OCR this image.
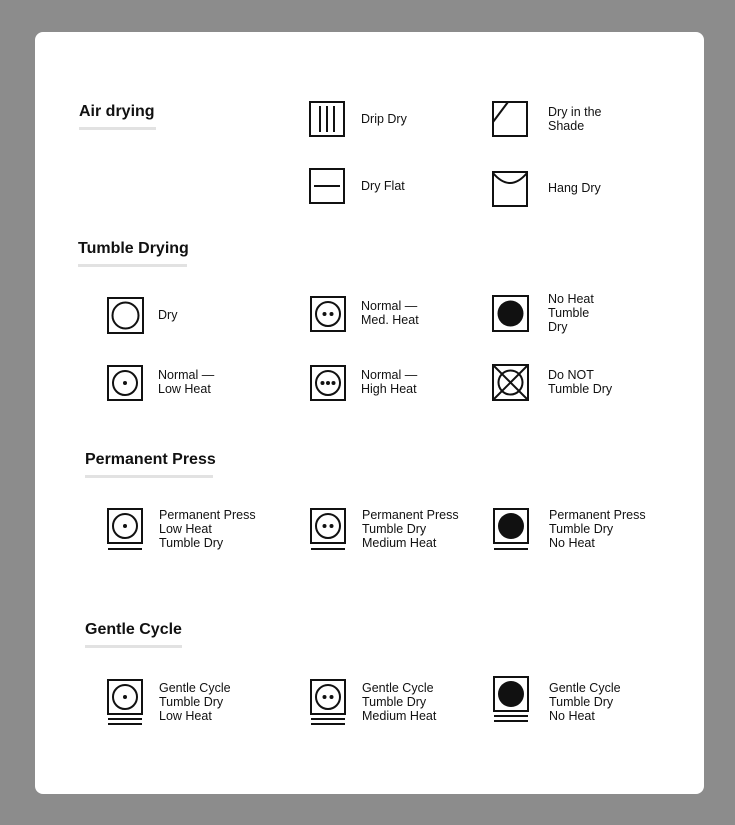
Air drying	Drip Dry	Dry in the
Shade
Dry Flat	Hang Dry
Tumble Drying
Dry
Normal —
Med. Heat
No Heat
Tumble
Dry
Normal —
Low Heat
Normal —
High Heat
Do NOT
Tumble Dry
Permanent Press
Permanent Press
Low Heat
Tumble Dry
Permanent Press
Tumble Dry
Medium Heat
Permanent Press
Tumble Dry
No Heat
Gentle Cycle
Gentle Cycle
Tumble Dry
Low Heat
Gentle Cycle
Tumble Dry
Medium Heat
Gentle Cycle
Tumble Dry
No Heat
